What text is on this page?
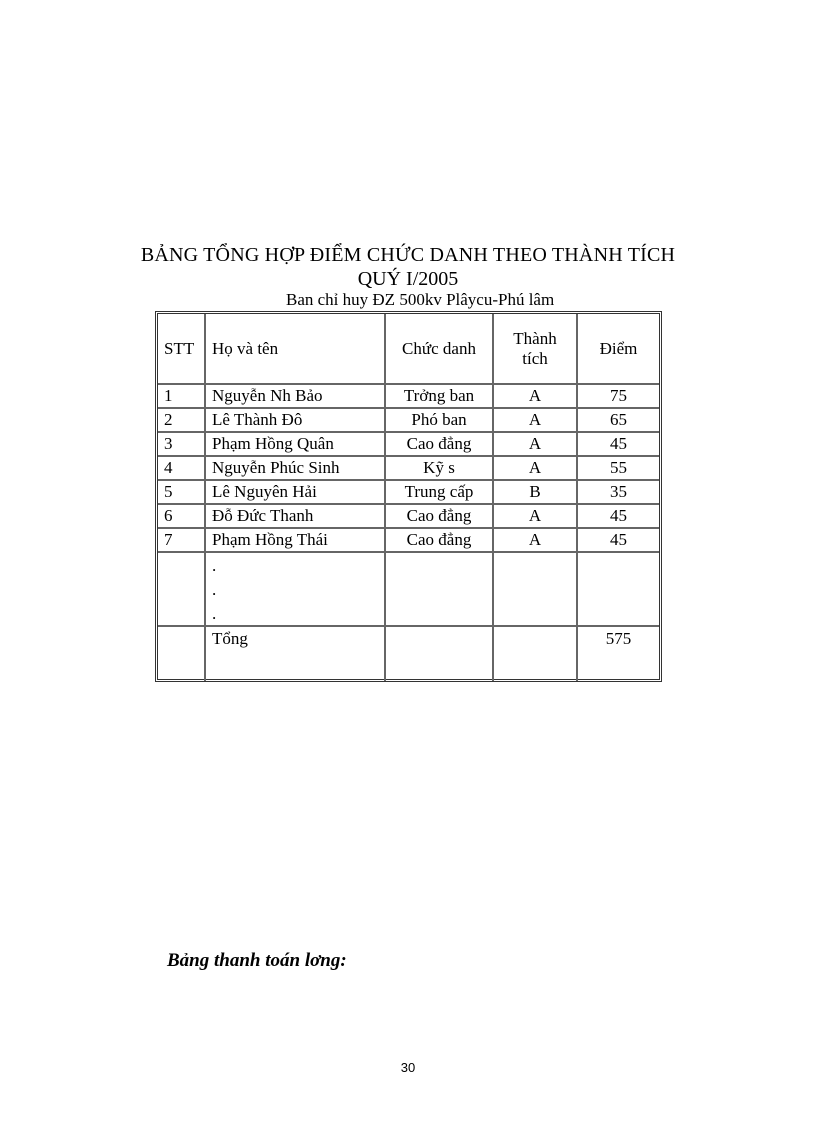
BẢNG TỔNG HỢP ĐIỂM CHỨC DANH THEO THÀNH TÍCH
QUÝ I/2005
Ban chỉ huy ĐZ 500kv Plâycu-Phú lâm
STT	Họ và tên	Chức danh	Thành tích	Điểm
1	Nguyễn Nh Bảo	Trởng ban	A	75
2	Lê Thành Đô	Phó ban	A	65
3	Phạm Hồng Quân	Cao đẳng	A	45
4	Nguyễn Phúc Sinh	Kỹ s	A	55
5	Lê Nguyên Hải	Trung cấp	B	35
6	Đỗ Đức Thanh	Cao đẳng	A	45
7	Phạm Hồng Thái	Cao đẳng	A	45

	.
.
.			

	Tổng			575
Bảng thanh toán lơng:
30
